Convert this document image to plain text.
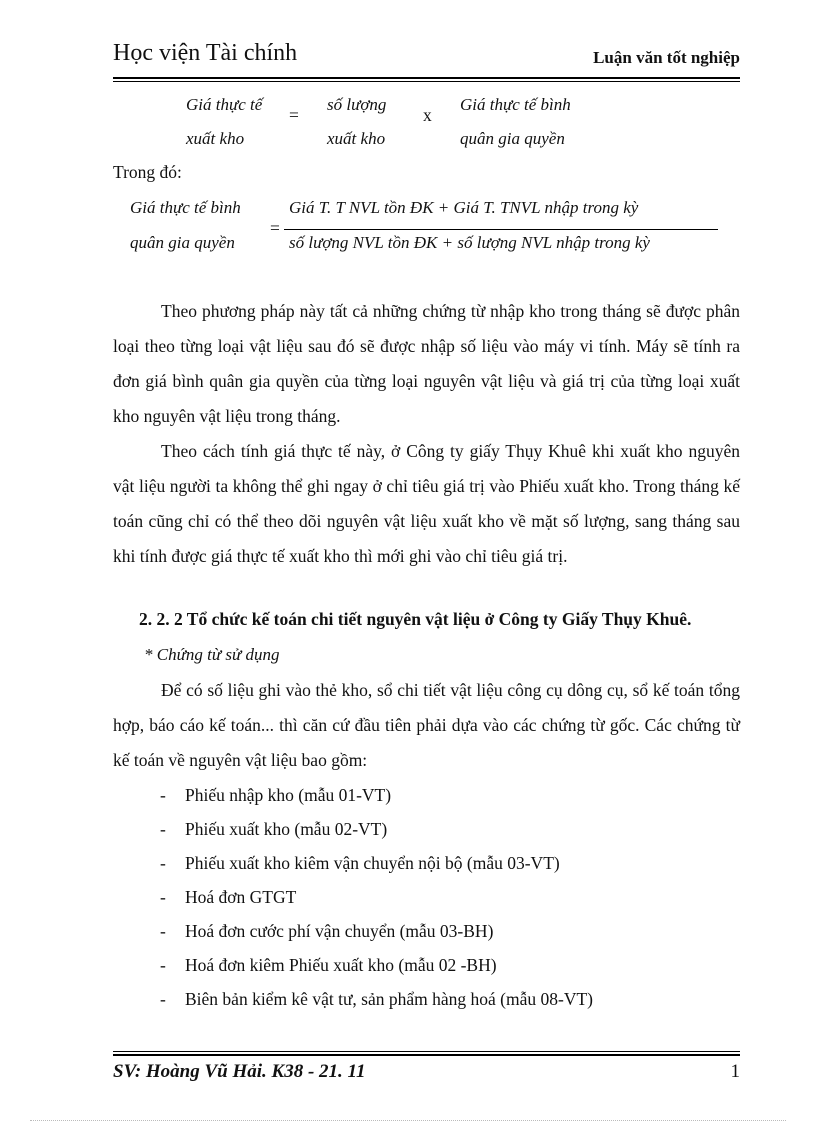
Học viện Tài chính	Luận văn tốt nghiệp
Giá thực tế
xuất kho
=
số lượng
xuất kho
x
Giá thực tế bình
quân gia quyền
Trong đó:
Giá thực tế bình
quân gia quyền
=
Giá T. T NVL tồn ĐK + Giá T. TNVL nhập trong kỳ
số lượng NVL tồn ĐK + số lượng NVL nhập trong kỳ
Theo phương pháp này tất cả những chứng từ nhập kho trong tháng sẽ được phân loại theo từng loại vật liệu sau đó sẽ được nhập số liệu vào máy vi tính. Máy sẽ tính ra đơn giá bình quân gia quyền của từng loại nguyên vật liệu và giá trị của từng loại xuất kho nguyên vật liệu trong tháng.
Theo cách tính giá thực tế này, ở Công ty giấy Thụy Khuê khi xuất kho nguyên vật liệu người ta không thể ghi ngay ở chỉ tiêu giá trị vào Phiếu xuất kho. Trong tháng kế toán cũng chỉ có thể theo dõi nguyên vật liệu xuất kho về mặt số lượng, sang tháng sau khi tính được giá thực tế xuất kho thì mới ghi vào chỉ tiêu giá trị.
2. 2. 2 Tổ chức kế toán chi tiết nguyên vật liệu ở Công ty Giấy Thụy Khuê.
* Chứng từ sử dụng
Để có số liệu ghi vào thẻ kho, sổ chi tiết vật liệu công cụ dông cụ, sổ kế toán tổng hợp, báo cáo kế toán... thì căn cứ đầu tiên phải dựa vào các chứng từ gốc. Các chứng từ kế toán về nguyên vật liệu bao gồm:
- Phiếu nhập kho (mẫu 01-VT)
- Phiếu xuất kho (mẫu 02-VT)
- Phiếu xuất kho kiêm vận chuyển nội bộ (mẫu 03-VT)
- Hoá đơn GTGT
- Hoá đơn cước phí vận chuyển (mẫu 03-BH)
- Hoá đơn kiêm Phiếu xuất kho (mẫu 02 -BH)
- Biên bản kiểm kê vật tư, sản phẩm hàng hoá (mẫu 08-VT)
SV: Hoàng Vũ Hải. K38 - 21. 11	1
